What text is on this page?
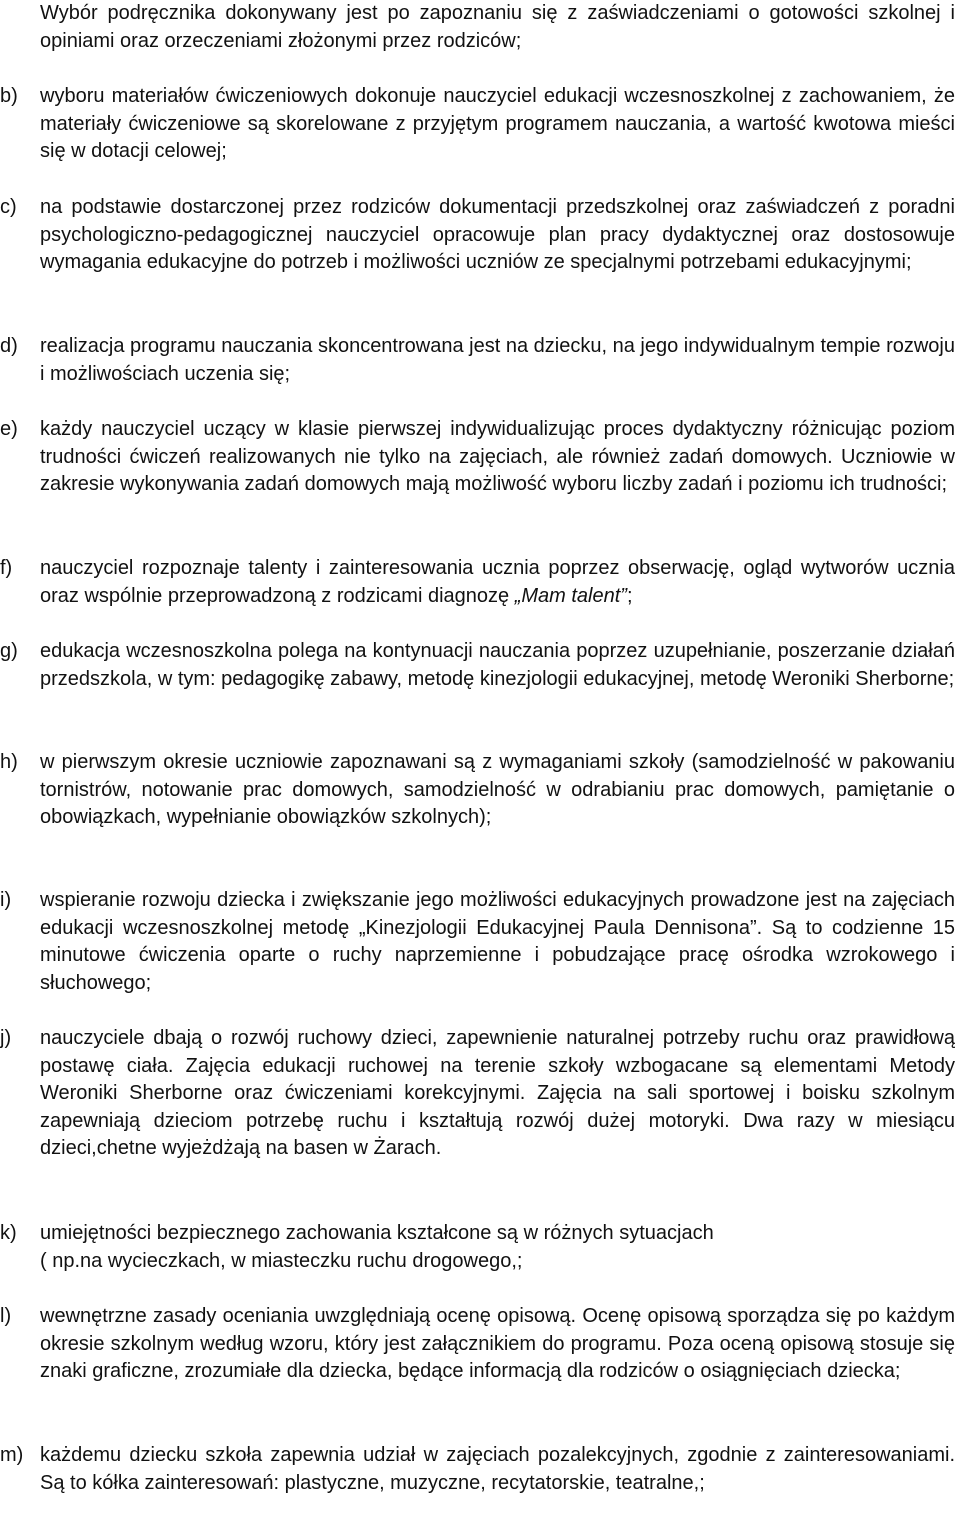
Wybór podręcznika dokonywany jest po zapoznaniu się z zaświadczeniami o gotowości szkolnej i opiniami oraz orzeczeniami złożonymi przez rodziców;

b) wyboru materiałów ćwiczeniowych dokonuje nauczyciel edukacji wczesnoszkolnej z zachowaniem, że materiały ćwiczeniowe są skorelowane z przyjętym programem nauczania, a wartość kwotowa mieści się w dotacji celowej;

c) na podstawie dostarczonej przez rodziców dokumentacji przedszkolnej oraz zaświadczeń z poradni psychologiczno-pedagogicznej nauczyciel opracowuje plan pracy dydaktycznej oraz dostosowuje wymagania edukacyjne do potrzeb i możliwości uczniów ze specjalnymi potrzebami edukacyjnymi;

d) realizacja programu nauczania skoncentrowana jest na dziecku, na jego indywidualnym tempie rozwoju i możliwościach uczenia się;

e) każdy nauczyciel uczący w klasie pierwszej indywidualizując proces dydaktyczny różnicując poziom trudności ćwiczeń realizowanych nie tylko na zajęciach, ale również zadań domowych. Uczniowie w zakresie wykonywania zadań domowych mają możliwość wyboru liczby zadań i poziomu ich trudności;

f) nauczyciel rozpoznaje talenty i zainteresowania ucznia poprzez obserwację, ogląd wytworów ucznia oraz wspólnie przeprowadzoną z rodzicami diagnozę „Mam talent”;

g) edukacja wczesnoszkolna polega na kontynuacji nauczania poprzez uzupełnianie, poszerzanie działań przedszkola, w tym: pedagogikę zabawy, metodę kinezjologii edukacyjnej, metodę Weroniki Sherborne;

h) w pierwszym okresie uczniowie zapoznawani są z wymaganiami szkoły (samodzielność w pakowaniu tornistrów, notowanie prac domowych, samodzielność w odrabianiu prac domowych, pamiętanie o obowiązkach, wypełnianie obowiązków szkolnych);

i) wspieranie rozwoju dziecka i zwiększanie jego możliwości edukacyjnych prowadzone jest na zajęciach edukacji wczesnoszkolnej metodę „Kinezjologii Edukacyjnej Paula Dennisona”. Są to codzienne 15 minutowe ćwiczenia oparte o ruchy naprzemienne i pobudzające pracę ośrodka wzrokowego i słuchowego;

j) nauczyciele dbają o rozwój ruchowy dzieci, zapewnienie naturalnej potrzeby ruchu oraz prawidłową postawę ciała. Zajęcia edukacji ruchowej na terenie szkoły wzbogacane są elementami Metody Weroniki Sherborne oraz ćwiczeniami korekcyjnymi. Zajęcia na sali sportowej i boisku szkolnym zapewniają dzieciom potrzebę ruchu i kształtują rozwój dużej motoryki. Dwa razy w miesiącu dzieci,chetne wyjeżdżają na basen w Żarach.

k) umiejętności bezpiecznego zachowania kształcone są w różnych sytuacjach
( np.na wycieczkach, w miasteczku ruchu drogowego,;

l) wewnętrzne zasady oceniania uwzględniają ocenę opisową. Ocenę opisową sporządza się po każdym okresie szkolnym według wzoru, który jest załącznikiem do programu. Poza oceną opisową stosuje się znaki graficzne, zrozumiałe dla dziecka, będące informacją dla rodziców o osiągnięciach dziecka;

m) każdemu dziecku szkoła zapewnia udział w zajęciach pozalekcyjnych, zgodnie z zainteresowaniami. Są to kółka zainteresowań: plastyczne, muzyczne, recytatorskie, teatralne,;
